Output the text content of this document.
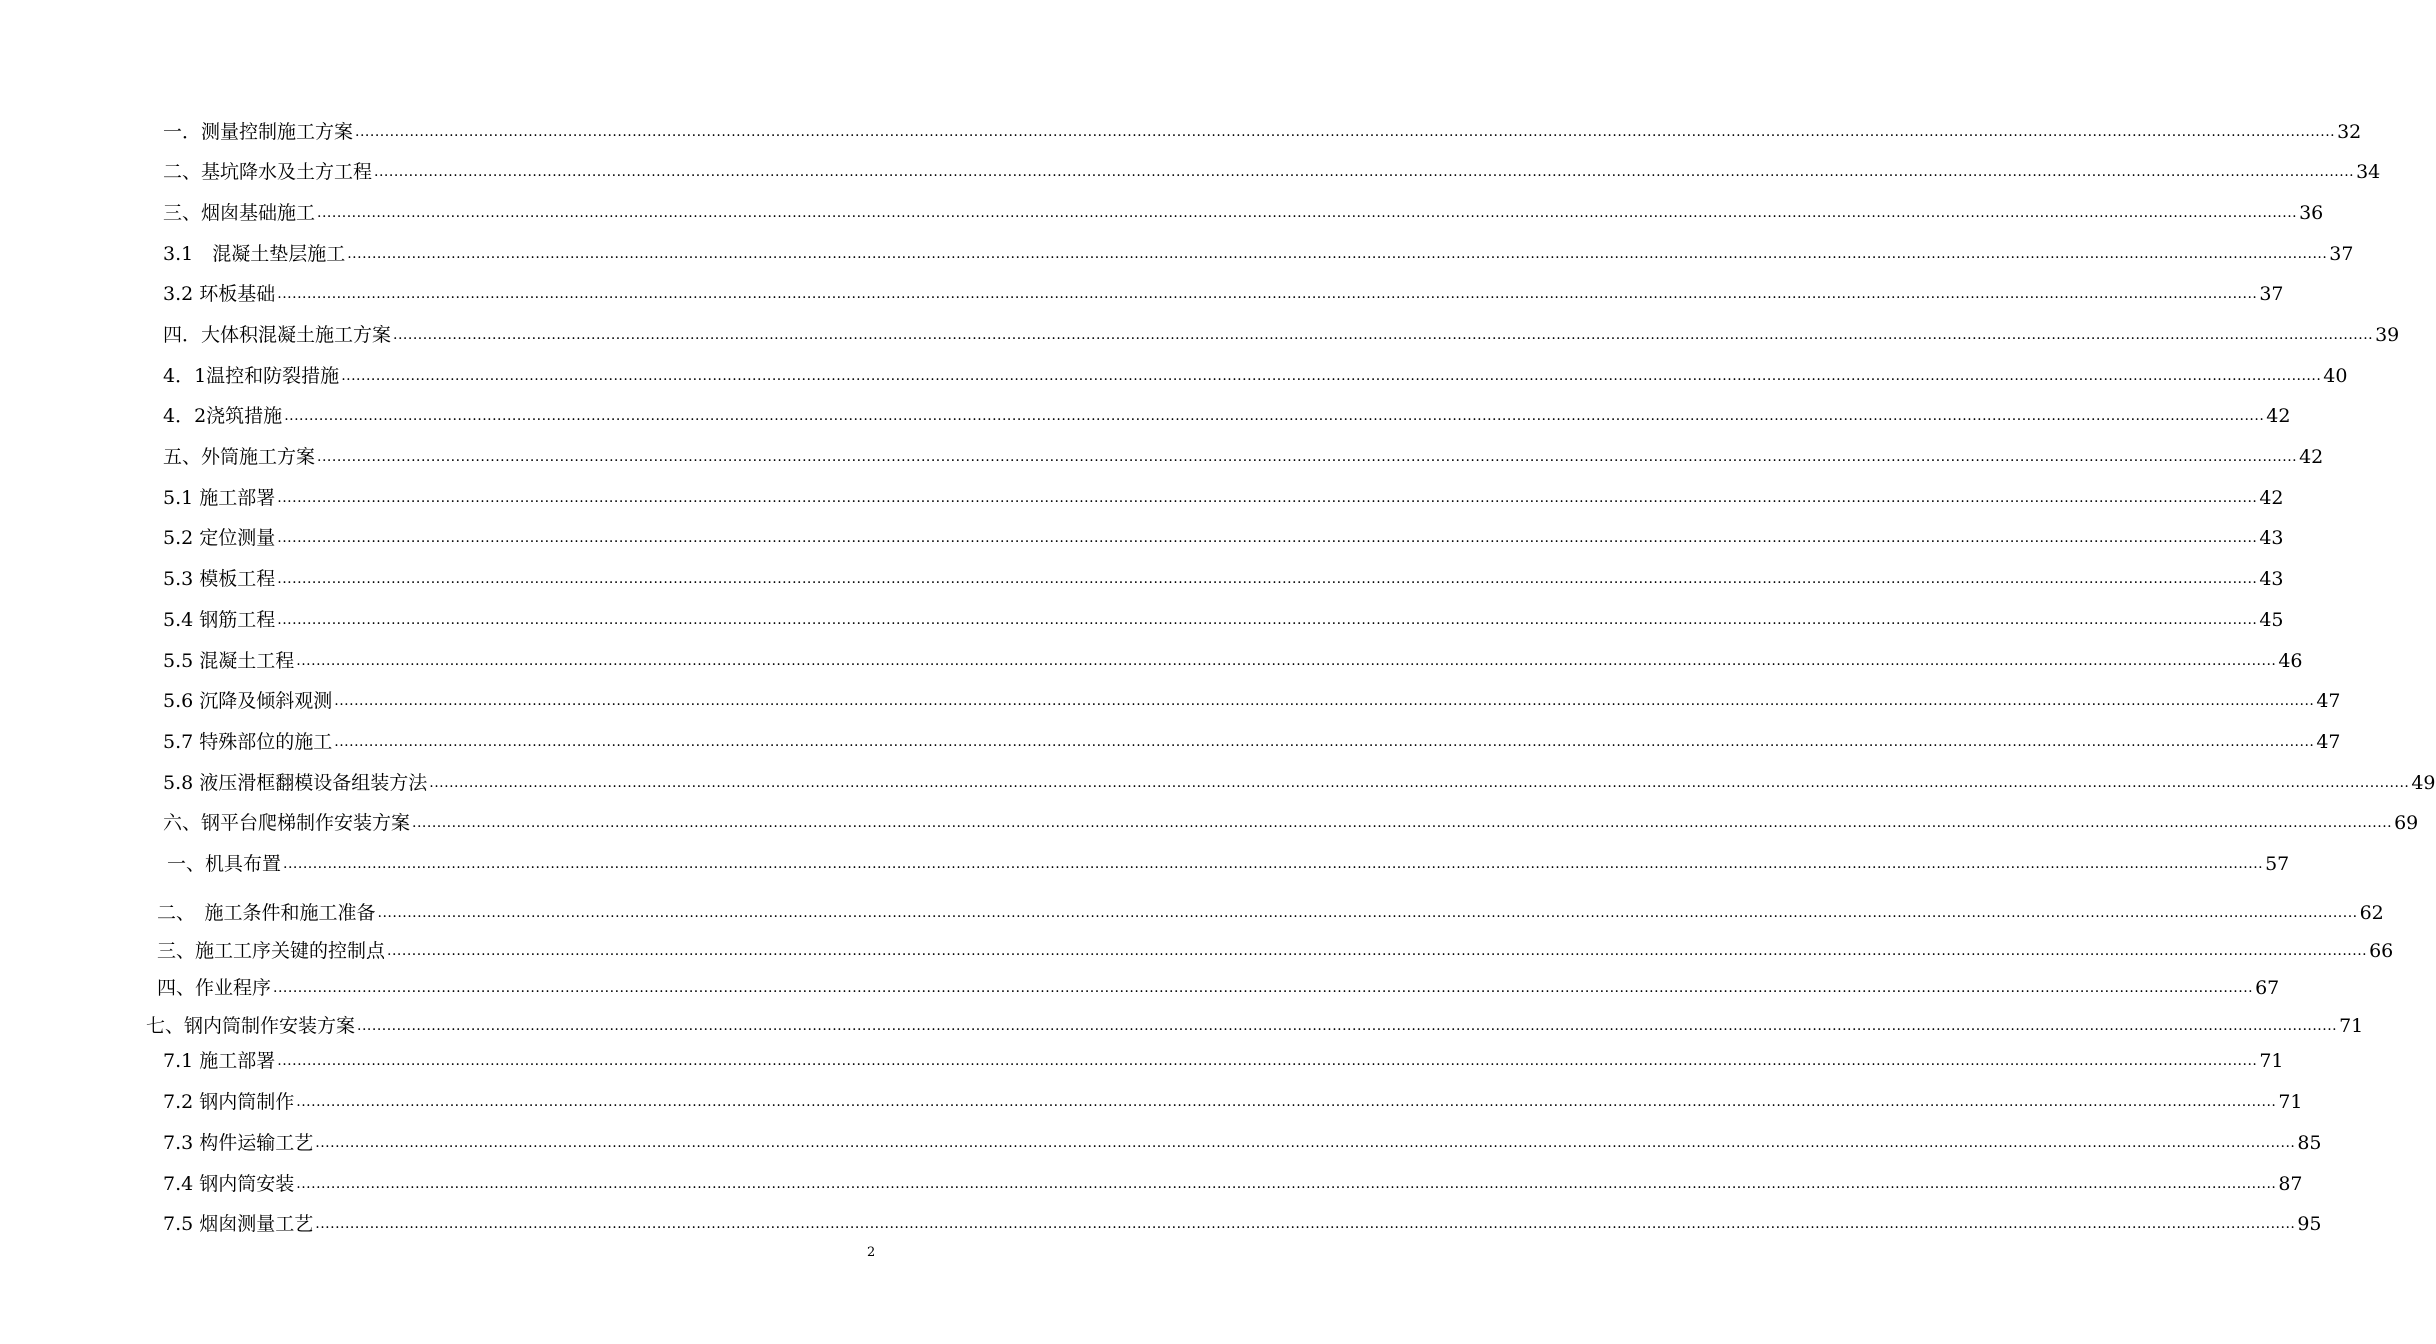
一．测量控制施工方案 ................................................................................................................................................................................................................................................................................................................................................................................................................ 32
二、基坑降水及土方工程 ................................................................................................................................................................................................................................................................................................................................................................................................................ 34
三、烟囱基础施工 ................................................................................................................................................................................................................................................................................................................................................................................................................ 36
3.1　混凝土垫层施工 ................................................................................................................................................................................................................................................................................................................................................................................................................ 37
3.2 环板基础 ................................................................................................................................................................................................................................................................................................................................................................................................................ 37
四．大体积混凝土施工方案 ................................................................................................................................................................................................................................................................................................................................................................................................................ 39
4．1温控和防裂措施 ................................................................................................................................................................................................................................................................................................................................................................................................................ 40
4．2浇筑措施 ................................................................................................................................................................................................................................................................................................................................................................................................................ 42
五、外筒施工方案 ................................................................................................................................................................................................................................................................................................................................................................................................................ 42
5.1 施工部署 ................................................................................................................................................................................................................................................................................................................................................................................................................ 42
5.2 定位测量 ................................................................................................................................................................................................................................................................................................................................................................................................................ 43
5.3 模板工程 ................................................................................................................................................................................................................................................................................................................................................................................................................ 43
5.4 钢筋工程 ................................................................................................................................................................................................................................................................................................................................................................................................................ 45
5.5 混凝土工程 ................................................................................................................................................................................................................................................................................................................................................................................................................ 46
5.6 沉降及倾斜观测 ................................................................................................................................................................................................................................................................................................................................................................................................................ 47
5.7 特殊部位的施工 ................................................................................................................................................................................................................................................................................................................................................................................................................ 47
5.8 液压滑框翻模设备组装方法 ................................................................................................................................................................................................................................................................................................................................................................................................................ 49
六、钢平台爬梯制作安装方案 ................................................................................................................................................................................................................................................................................................................................................................................................................ 69
一、机具布置 ................................................................................................................................................................................................................................................................................................................................................................................................................ 57
二、　施工条件和施工准备 ................................................................................................................................................................................................................................................................................................................................................................................................................ 62
三、施工工序关键的控制点 ................................................................................................................................................................................................................................................................................................................................................................................................................ 66
四、作业程序 ................................................................................................................................................................................................................................................................................................................................................................................................................ 67
七、钢内筒制作安装方案 ................................................................................................................................................................................................................................................................................................................................................................................................................ 71
7.1 施工部署 ................................................................................................................................................................................................................................................................................................................................................................................................................ 71
7.2 钢内筒制作 ................................................................................................................................................................................................................................................................................................................................................................................................................ 71
7.3 构件运输工艺 ................................................................................................................................................................................................................................................................................................................................................................................................................ 85
7.4 钢内筒安装 ................................................................................................................................................................................................................................................................................................................................................................................................................ 87
7.5 烟囱测量工艺 ................................................................................................................................................................................................................................................................................................................................................................................................................ 95
2
